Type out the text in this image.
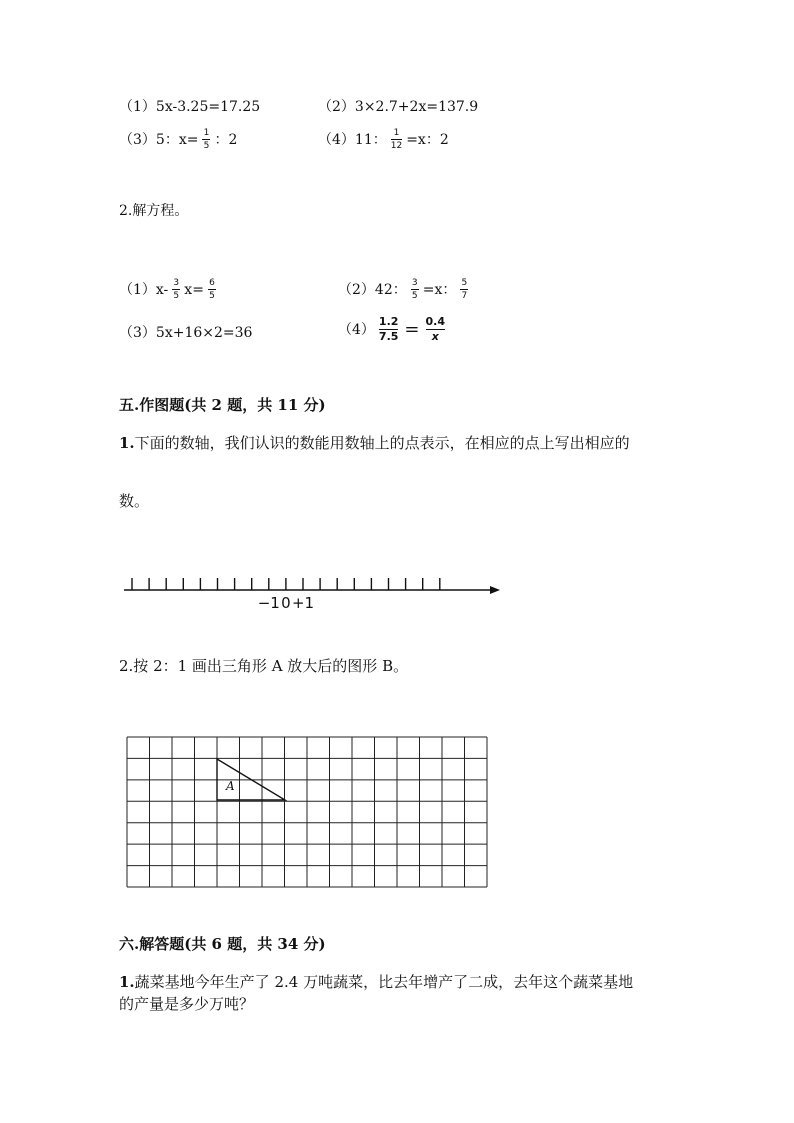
（1）5x-3.25=17.25	（2）3×2.7+2x=137.9
（3）5：$x= \frac{1}{5}$ ：2	（4）11： $\frac{1}{12} =x$：2
2.解方程。
$(1)x- \frac{3}{5} x= \frac{6}{5}$	（2）42： $\frac{3}{5} =x$： $\frac{5}{7}$
（3）5x+16×2=36	$(4) \frac{1.2}{7.5} = \frac{0.4}{x}$
五.作图题(共 2 题，共 11 分)
1.下面的数轴，我们认识的数能用数轴上的点表示，在相应的点上写出相应的
数。
−1 0 +1
2.按 2：1 画出三角形 A 放大后的图形 B。
A
六.解答题(共 6 题，共 34 分)
1.蔬菜基地今年生产了 2.4 万吨蔬菜，比去年增产了二成，去年这个蔬菜基地
的产量是多少万吨？
